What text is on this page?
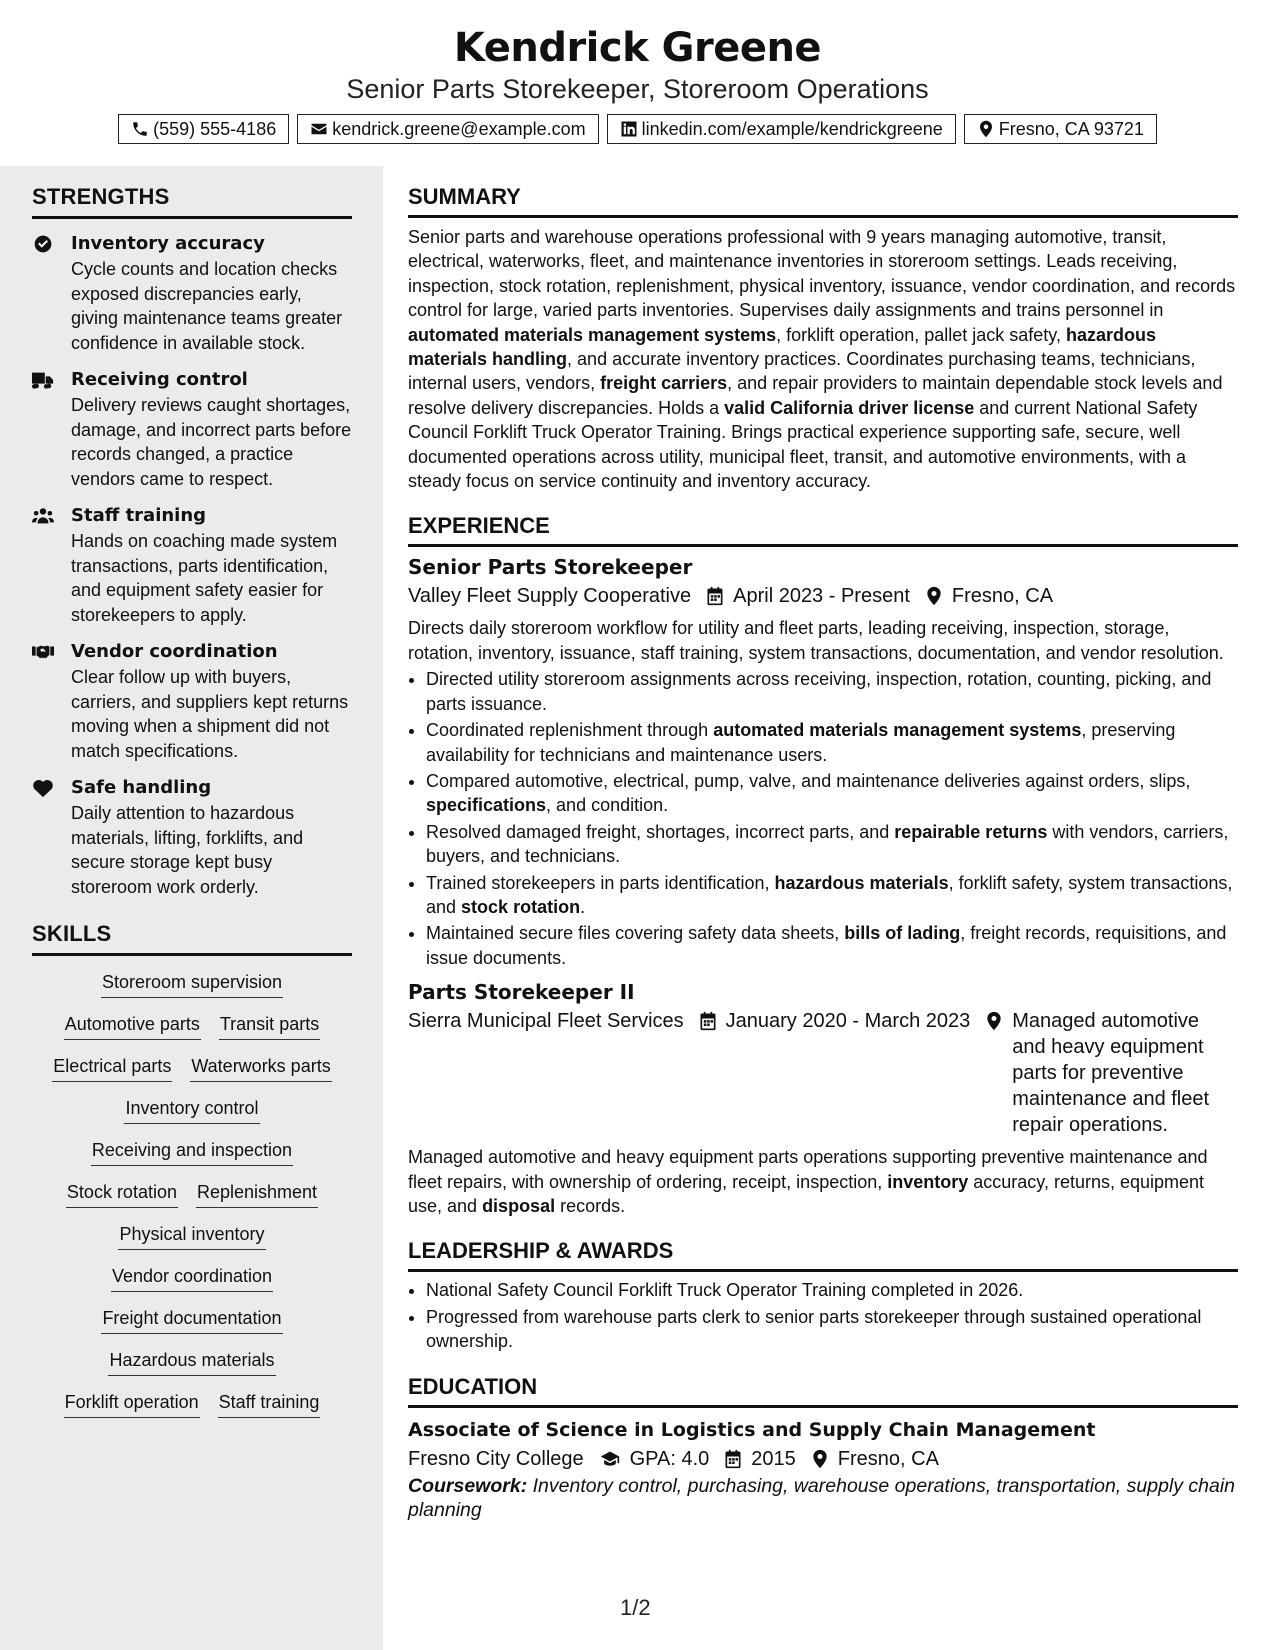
Kendrick Greene
Senior Parts Storekeeper, Storeroom Operations
(559) 555-4186	kendrick.greene@example.com	linkedin.com/example/kendrickgreene	Fresno, CA 93721
STRENGTHS
Inventory accuracy
Cycle counts and location checks exposed discrepancies early, giving maintenance teams greater confidence in available stock.
Receiving control
Delivery reviews caught shortages, damage, and incorrect parts before records changed, a practice vendors came to respect.
Staff training
Hands on coaching made system transactions, parts identification, and equipment safety easier for storekeepers to apply.
Vendor coordination
Clear follow up with buyers, carriers, and suppliers kept returns moving when a shipment did not match specifications.
Safe handling
Daily attention to hazardous materials, lifting, forklifts, and secure storage kept busy storeroom work orderly.
SKILLS
Storeroom supervision
Automotive parts Transit parts
Electrical parts Waterworks parts
Inventory control
Receiving and inspection
Stock rotation Replenishment
Physical inventory
Vendor coordination
Freight documentation
Hazardous materials
Forklift operation Staff training
SUMMARY
Senior parts and warehouse operations professional with 9 years managing automotive, transit, electrical, waterworks, fleet, and maintenance inventories in storeroom settings. Leads receiving, inspection, stock rotation, replenishment, physical inventory, issuance, vendor coordination, and records control for large, varied parts inventories. Supervises daily assignments and trains personnel in automated materials management systems, forklift operation, pallet jack safety, hazardous materials handling, and accurate inventory practices. Coordinates purchasing teams, technicians, internal users, vendors, freight carriers, and repair providers to maintain dependable stock levels and resolve delivery discrepancies. Holds a valid California driver license and current National Safety Council Forklift Truck Operator Training. Brings practical experience supporting safe, secure, well documented operations across utility, municipal fleet, transit, and automotive environments, with a steady focus on service continuity and inventory accuracy.
EXPERIENCE
Senior Parts Storekeeper
Valley Fleet Supply Cooperative April 2023 - Present Fresno, CA
Directs daily storeroom workflow for utility and fleet parts, leading receiving, inspection, storage, rotation, inventory, issuance, staff training, system transactions, documentation, and vendor resolution.
• Directed utility storeroom assignments across receiving, inspection, rotation, counting, picking, and parts issuance.
• Coordinated replenishment through automated materials management systems, preserving availability for technicians and maintenance users.
• Compared automotive, electrical, pump, valve, and maintenance deliveries against orders, slips, specifications, and condition.
• Resolved damaged freight, shortages, incorrect parts, and repairable returns with vendors, carriers, buyers, and technicians.
• Trained storekeepers in parts identification, hazardous materials, forklift safety, system transactions, and stock rotation.
• Maintained secure files covering safety data sheets, bills of lading, freight records, requisitions, and issue documents.
Parts Storekeeper II
Sierra Municipal Fleet Services January 2020 - March 2023 Managed automotive and heavy equipment parts for preventive maintenance and fleet repair operations.
Managed automotive and heavy equipment parts operations supporting preventive maintenance and fleet repairs, with ownership of ordering, receipt, inspection, inventory accuracy, returns, equipment use, and disposal records.
LEADERSHIP & AWARDS
• National Safety Council Forklift Truck Operator Training completed in 2026.
• Progressed from warehouse parts clerk to senior parts storekeeper through sustained operational ownership.
EDUCATION
Associate of Science in Logistics and Supply Chain Management
Fresno City College GPA: 4.0 2015 Fresno, CA
Coursework: Inventory control, purchasing, warehouse operations, transportation, supply chain planning
1/2
